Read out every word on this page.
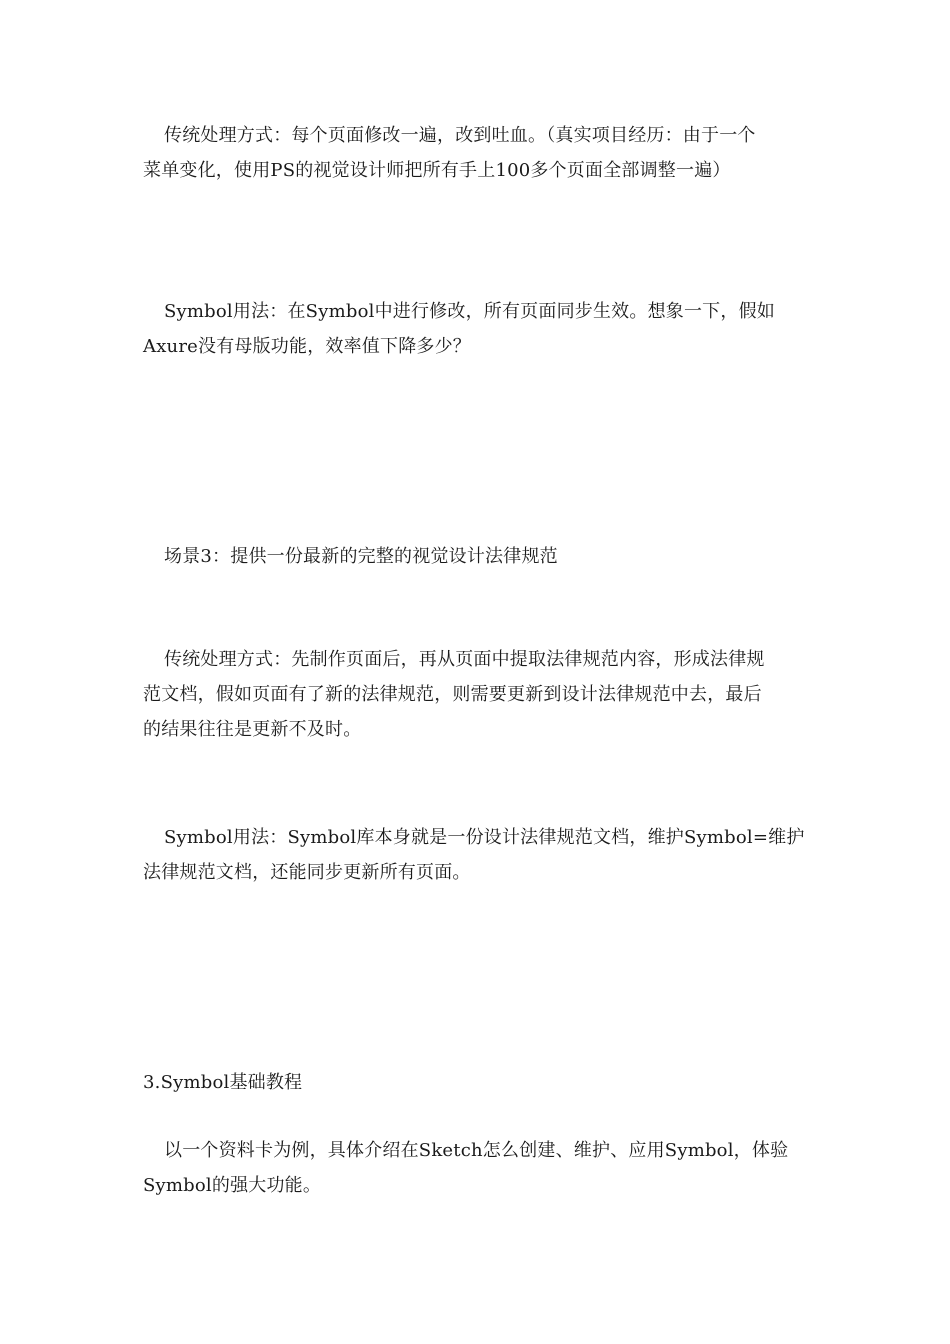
传统处理方式：每个页面修改一遍，改到吐血。（真实项目经历：由于一个
菜单变化，使用PS的视觉设计师把所有手上100多个页面全部调整一遍）

Symbol用法：在Symbol中进行修改，所有页面同步生效。想象一下，假如
Axure没有母版功能，效率值下降多少？

场景3：提供一份最新的完整的视觉设计法律规范

传统处理方式：先制作页面后，再从页面中提取法律规范内容，形成法律规
范文档，假如页面有了新的法律规范，则需要更新到设计法律规范中去，最后
的结果往往是更新不及时。

Symbol用法：Symbol库本身就是一份设计法律规范文档，维护Symbol=维护
法律规范文档，还能同步更新所有页面。

3.Symbol基础教程

以一个资料卡为例，具体介绍在Sketch怎么创建、维护、应用Symbol，体验
Symbol的强大功能。
